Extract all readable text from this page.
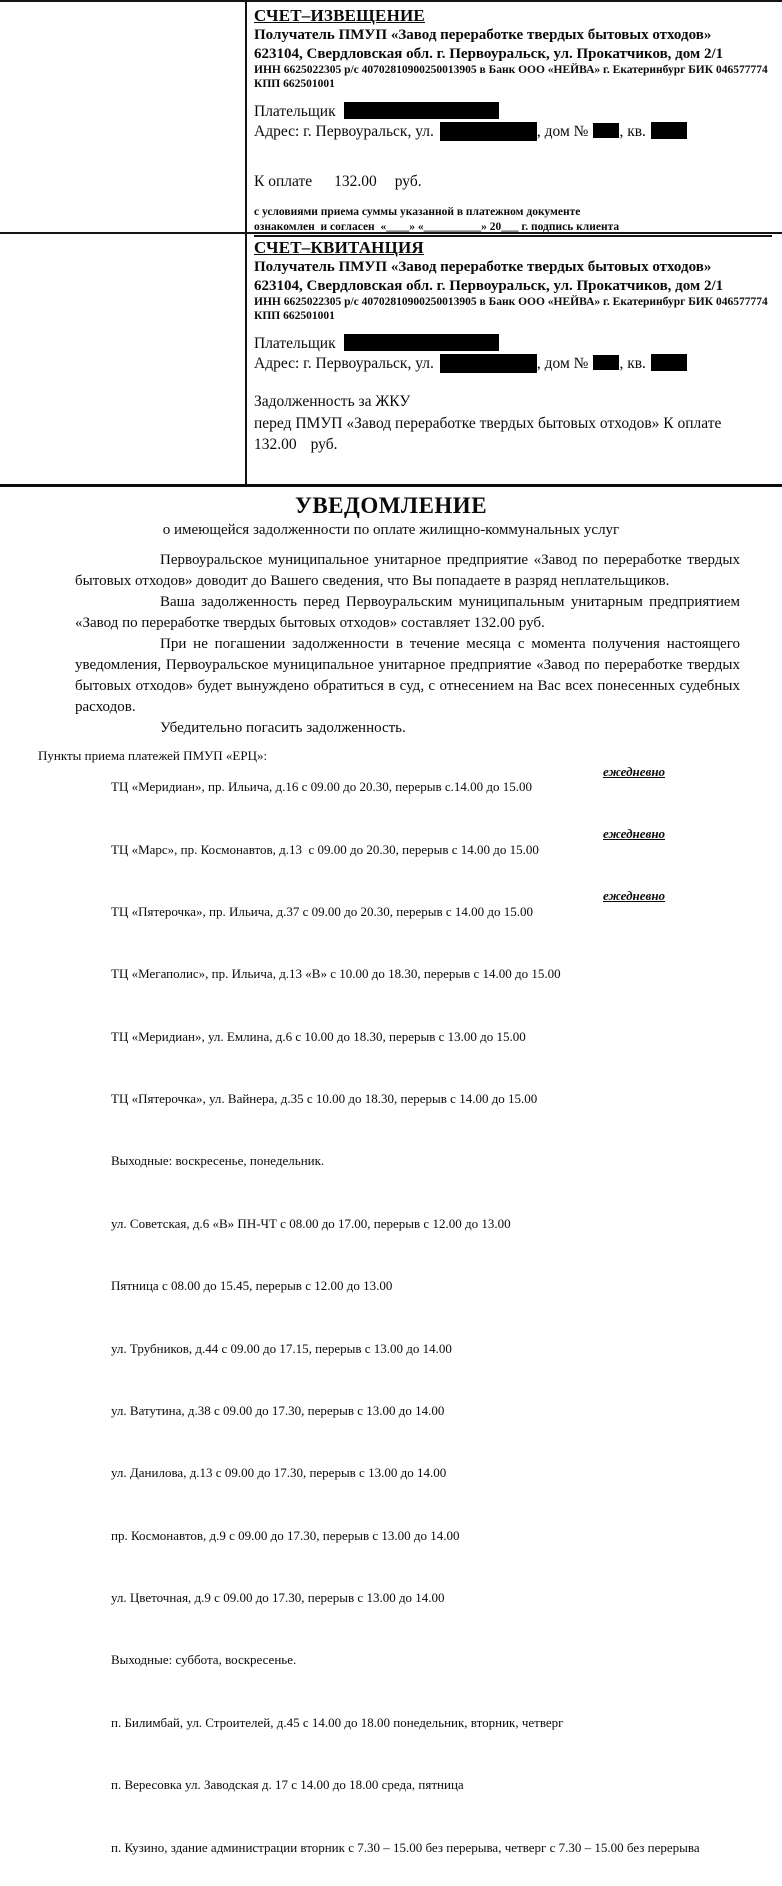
СЧЕТ–ИЗВЕЩЕНИЕ
Получатель ПМУП «Завод переработке твердых бытовых отходов»
623104, Свердловская обл. г. Первоуральск, ул. Прокатчиков, дом 2/1
ИНН 6625022305 р/с 40702810900250013905 в Банк ООО «НЕЙВА» г. Екатеринбург БИК 046577774 КПП 662501001
Плательщик
Адрес: г. Первоуральск, ул.	, дом № , кв.
К оплате 132.00 руб.
с условиями приема суммы указанной в платежном документе
ознакомлен  и согласен  «____» «__________» 20___ г. подпись клиента
СЧЕТ–КВИТАНЦИЯ
Получатель ПМУП «Завод переработке твердых бытовых отходов»
623104, Свердловская обл. г. Первоуральск, ул. Прокатчиков, дом 2/1
ИНН 6625022305 р/с 40702810900250013905 в Банк ООО «НЕЙВА» г. Екатеринбург БИК 046577774 КПП 662501001
Плательщик
Адрес: г. Первоуральск, ул.	, дом № , кв.
Задолженность за ЖКУ
перед ПМУП «Завод переработке твердых бытовых отходов» К оплате
132.00 руб.
УВЕДОМЛЕНИЕ
о имеющейся задолженности по оплате жилищно-коммунальных услуг

Первоуральское муниципальное унитарное предприятие «Завод по переработке твердых бытовых отходов» доводит до Вашего сведения, что Вы попадаете в разряд неплательщиков.

Ваша задолженность перед Первоуральским муниципальным унитарным предприятием «Завод по переработке твердых бытовых отходов» составляет 132.00 руб.

При не погашении задолженности в течение месяца с момента получения настоящего уведомления, Первоуральское муниципальное унитарное предприятие «Завод по переработке твердых бытовых отходов» будет вынуждено обратиться в суд, с отнесением на Вас всех понесенных судебных расходов.

Убедительно погасить задолженность.

Пункты приема платежей ПМУП «ЕРЦ»:

ТЦ «Меридиан», пр. Ильича, д.16 с 09.00 до 20.30, перерыв с.14.00 до 15.00

ежедневно

ТЦ «Марс», пр. Космонавтов, д.13  с 09.00 до 20.30, перерыв с 14.00 до 15.00

ежедневно

ТЦ «Пятерочка», пр. Ильича, д.37 с 09.00 до 20.30, перерыв с 14.00 до 15.00

ежедневно

ТЦ «Мегаполис», пр. Ильича, д.13 «В» с 10.00 до 18.30, перерыв с 14.00 до 15.00

ТЦ «Меридиан», ул. Емлина, д.6 с 10.00 до 18.30, перерыв с 13.00 до 15.00

ТЦ «Пятерочка», ул. Вайнера, д.35 с 10.00 до 18.30, перерыв с 14.00 до 15.00

Выходные: воскресенье, понедельник.

ул. Советская, д.6 «В» ПН-ЧТ с 08.00 до 17.00, перерыв с 12.00 до 13.00

Пятница с 08.00 до 15.45, перерыв с 12.00 до 13.00

ул. Трубников, д.44 с 09.00 до 17.15, перерыв с 13.00 до 14.00

ул. Ватутина, д.38 с 09.00 до 17.30, перерыв с 13.00 до 14.00

ул. Данилова, д.13 с 09.00 до 17.30, перерыв с 13.00 до 14.00

пр. Космонавтов, д.9 с 09.00 до 17.30, перерыв с 13.00 до 14.00

ул. Цветочная, д.9 с 09.00 до 17.30, перерыв с 13.00 до 14.00

Выходные: суббота, воскресенье.

п. Билимбай, ул. Строителей, д.45 с 14.00 до 18.00 понедельник, вторник, четверг

п. Вересовка ул. Заводская д. 17 с 14.00 до 18.00 среда, пятница

п. Кузино, здание администрации вторник с 7.30 – 15.00 без перерыва, четверг с 7.30 – 15.00 без перерыва
